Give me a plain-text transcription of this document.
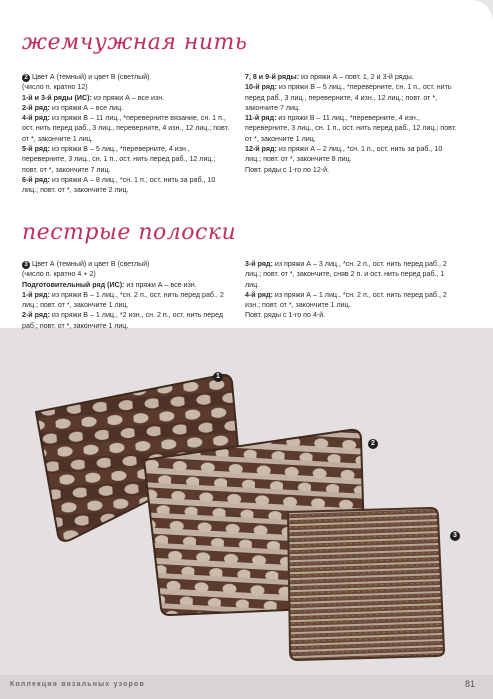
жемчужная нить

2 Цвет А (темный) и цвет В (светлый)

(число п. кратно 12)

1-й и 3-й ряды (ИС): из пряжи А – все изн.

2-й ряд: из пряжи А – все лиц.

4-й ряд: из пряжи В – 11 лиц., *переверните вязание, сн. 1 п., ост. нить перед раб., 3 лиц., переверните, 4 изн., 12 лиц.; повт. от *, закончите 1 лиц.

5-й ряд: из пряжи В – 5 лиц., *переверните, 4 изн., переверните, 3 лиц., сн. 1 п., ост. нить перед раб., 12 лиц.; повт. от *, закончите 7 лиц.

6-й ряд: из пряжи А – 8 лиц., *сн. 1 п., ост. нить за раб., 10 лиц.; повт. от *, закончите 2 лиц.

7, 8 и 9-й ряды: из пряжи А – повт. 1, 2 и 3-й ряды.

10-й ряд: из пряжи В – 5 лиц., *переверните, сн. 1 п., ост. нить перед раб., 3 лиц., переверните, 4 изн., 12 лиц.; повт. от *, закончите 7 лиц.

11-й ряд: из пряжи В – 11 лиц., *переверните, 4 изн., переверните, 3 лиц., сн. 1 п., ост. нить перед раб., 12 лиц.; повт. от *, закончите 1 лиц.

12-й ряд: из пряжи А – 2 лиц., *сн. 1 п., ост. нить за раб., 10 лиц.; повт. от *, закончите 8 лиц.

Повт. ряды с 1-го по 12-й.

пестрые полоски

3 Цвет А (темный) и цвет В (светлый)

(число п. кратно 4 + 2)

Подготовительный ряд (ИС): из пряжи А – все изн.

1-й ряд: из пряжи В – 1 лиц., *сн. 2 п., ост. нить перед раб., 2 лиц.; повт. от *, закончите 1 лиц.

2-й ряд: из пряжи В – 1 лиц., *2 изн., сн. 2 п., ост. нить перед раб.; повт. от *, закончите 1 лиц.

3-й ряд: из пряжи А – 3 лиц., *сн. 2 п., ост. нить перед раб., 2 лиц.; повт. от *, закончите, сняв 2 п. и ост. нить перед раб., 1 лиц.

4-й ряд: из пряжи А – 1 лиц., *сн. 2 п., ост. нить перед раб., 2 изн.; повт. от *, закончите 1 лиц.

Повт. ряды с 1-го по 4-й.

1
2
3
Коллекция вязальных узоров	81
